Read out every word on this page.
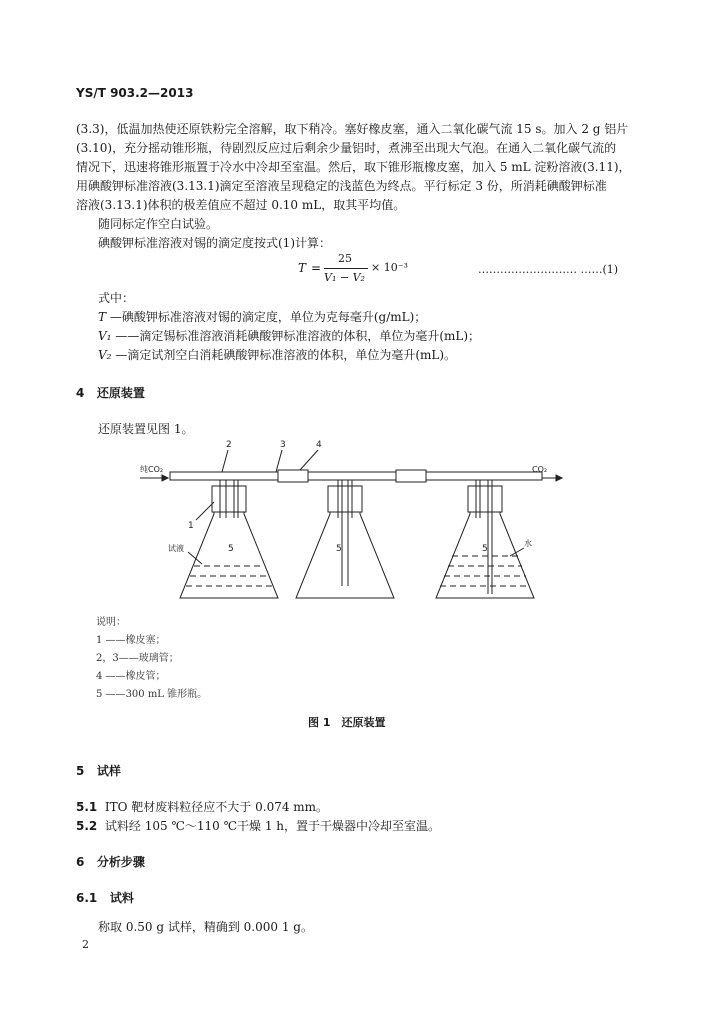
YS/T 903.2—2013
(3.3)，低温加热使还原铁粉完全溶解，取下稍冷。塞好橡皮塞，通入二氧化碳气流 15 s。加入 2 g 铝片
(3.10)，充分摇动锥形瓶，待剧烈反应过后剩余少量铝时，煮沸至出现大气泡。在通入二氧化碳气流的
情况下，迅速将锥形瓶置于冷水中冷却至室温。然后，取下锥形瓶橡皮塞，加入 5 mL 淀粉溶液(3.11)，
用碘酸钾标准溶液(3.13.1)滴定至溶液呈现稳定的浅蓝色为终点。平行标定 3 份，所消耗碘酸钾标准
溶液(3.13.1)体积的极差值应不超过 0.10 mL，取其平均值。
随同标定作空白试验。
碘酸钾标准溶液对锡的滴定度按式(1)计算：
T =
25
V₁ − V₂
× 10⁻³	……………………… ……(1)
式中：
T —碘酸钾标准溶液对锡的滴定度，单位为克每毫升(g/mL)；
V₁ ——滴定锡标准溶液消耗碘酸钾标准溶液的体积，单位为毫升(mL)；
V₂ —滴定试剂空白消耗碘酸钾标准溶液的体积，单位为毫升(mL)。
4 还原装置
还原装置见图 1。
2	3	4
1
5	5	5
纯CO₂	CO₂
试液
水
说明：
1 ——橡皮塞；
2，3——玻璃管；
4 ——橡皮管；
5 ——300 mL 锥形瓶。
图 1　还原装置
5 试样
5.1 ITO 靶材废料粒径应不大于 0.074 mm。
5.2 试料经 105 ℃～110 ℃干燥 1 h，置于干燥器中冷却至室温。
6 分析步骤
6.1 试料
称取 0.50 g 试样，精确到 0.000 1 g。
2
